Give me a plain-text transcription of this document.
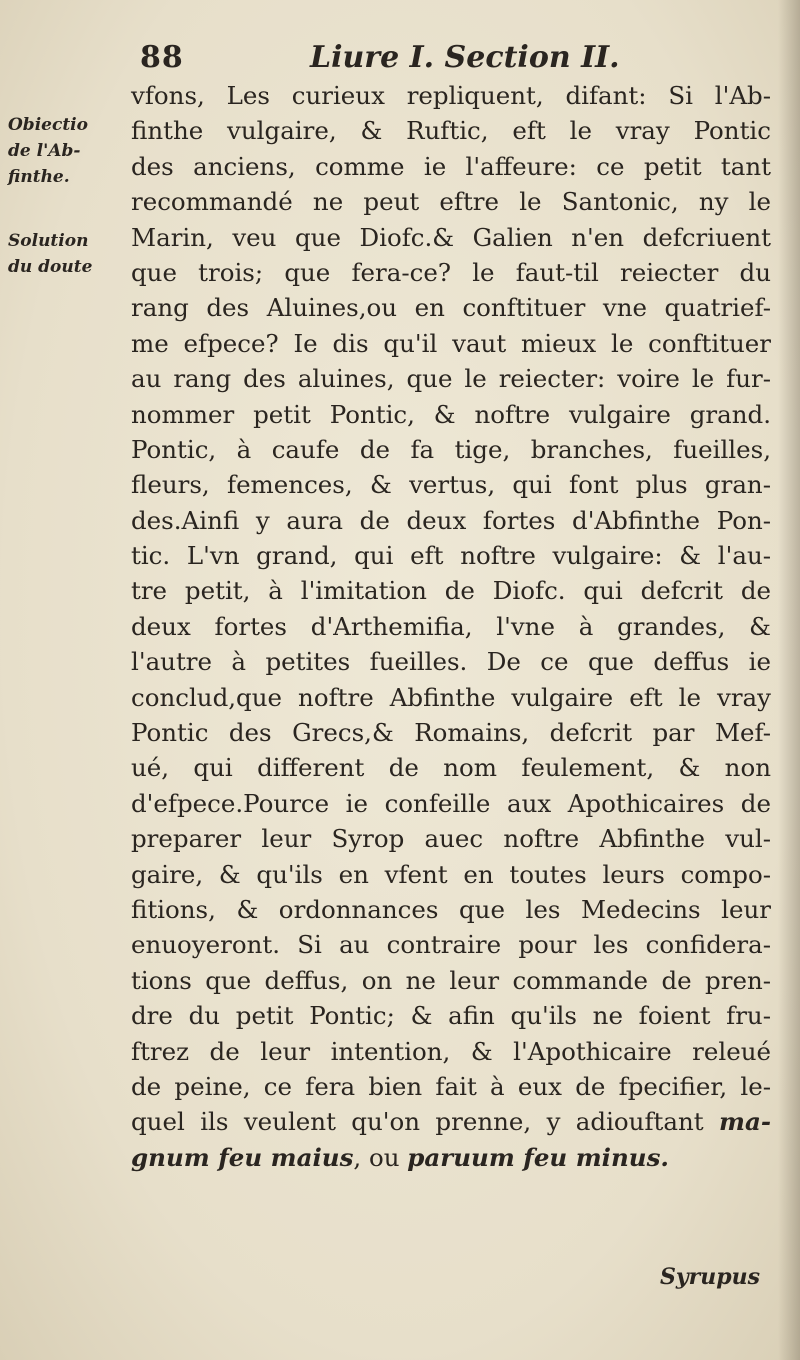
88	Liure I. Section II.
Obiectio
de l'Ab-
finthe.
Solution
du doute
vfons, Les curieux repliquent, difant: Si l'Ab-
finthe vulgaire, & Ruftic, eft le vray Pontic
des anciens, comme ie l'affeure: ce petit tant
recommandé ne peut eftre le Santonic, ny le
Marin, veu que Diofc.& Galien n'en defcriuent
que trois; que fera-ce? le faut-til reiecter du
rang des Aluines,ou en conftituer vne quatrief-
me efpece? Ie dis qu'il vaut mieux le conftituer
au rang des aluines, que le reiecter: voire le fur-
nommer petit Pontic, & noftre vulgaire grand.
Pontic, à caufe de fa tige, branches, fueilles,
fleurs, femences, & vertus, qui font plus gran-
des.Ainfi y aura de deux fortes d'Abfinthe Pon-
tic. L'vn grand, qui eft noftre vulgaire: & l'au-
tre petit, à l'imitation de Diofc. qui defcrit de
deux fortes d'Arthemifia, l'vne à grandes, &
l'autre à petites fueilles. De ce que deffus ie
conclud,que noftre Abfinthe vulgaire eft le vray
Pontic des Grecs,& Romains, defcrit par Mef-
ué, qui different de nom feulement, & non
d'efpece.Pource ie confeille aux Apothicaires de
preparer leur Syrop auec noftre Abfinthe vul-
gaire, & qu'ils en vfent en toutes leurs compo-
fitions, & ordonnances que les Medecins leur
enuoyeront. Si au contraire pour les confidera-
tions que deffus, on ne leur commande de pren-
dre du petit Pontic; & afin qu'ils ne foient fru-
ftrez de leur intention, & l'Apothicaire releué
de peine, ce fera bien fait à eux de fpecifier, le-
quel ils veulent qu'on prenne, y adiouftant ma-
gnum feu maius, ou paruum feu minus.
Syrupus
